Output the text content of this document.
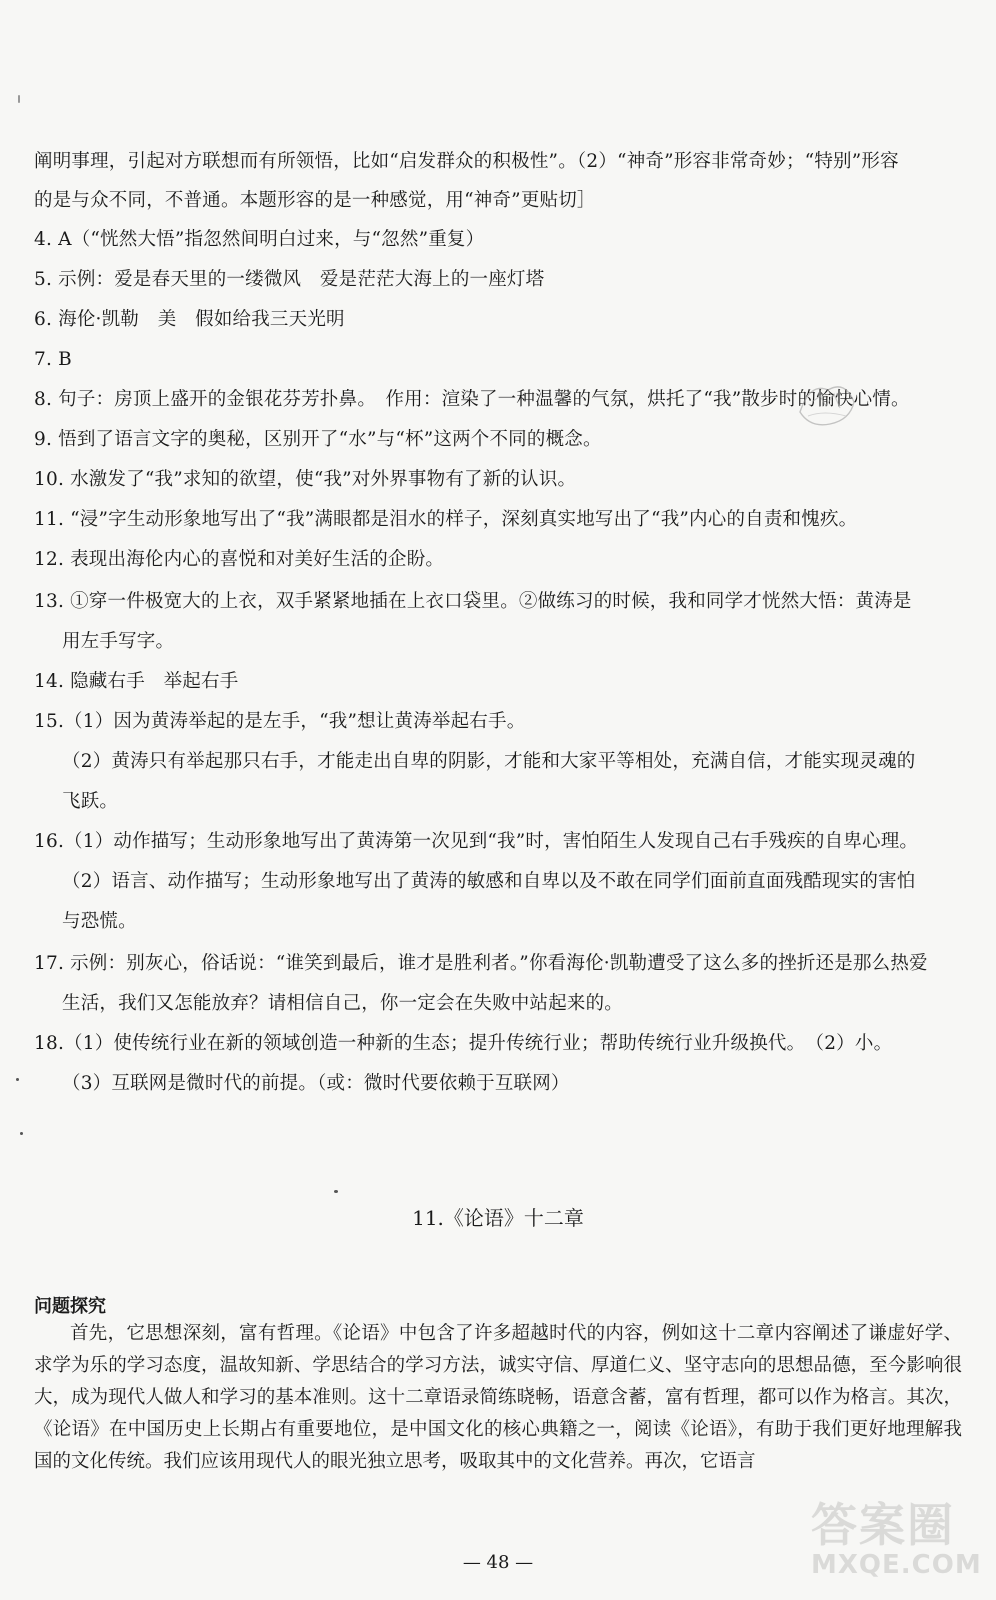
阐明事理，引起对方联想而有所领悟，比如“启发群众的积极性”。（2）“神奇”形容非常奇妙；“特别”形容
的是与众不同，不普通。本题形容的是一种感觉，用“神奇”更贴切］
4. A（“恍然大悟”指忽然间明白过来，与“忽然”重复）
5. 示例：爱是春天里的一缕微风　爱是茫茫大海上的一座灯塔
6. 海伦·凯勒　美　假如给我三天光明
7. B
8. 句子：房顶上盛开的金银花芬芳扑鼻。　作用：渲染了一种温馨的气氛，烘托了“我”散步时的愉快心情。
9. 悟到了语言文字的奥秘，区别开了“水”与“杯”这两个不同的概念。
10. 水激发了“我”求知的欲望，使“我”对外界事物有了新的认识。
11. “浸”字生动形象地写出了“我”满眼都是泪水的样子，深刻真实地写出了“我”内心的自责和愧疚。
12. 表现出海伦内心的喜悦和对美好生活的企盼。
13. ①穿一件极宽大的上衣，双手紧紧地插在上衣口袋里。②做练习的时候，我和同学才恍然大悟：黄涛是
用左手写字。
14. 隐藏右手　举起右手
15.（1）因为黄涛举起的是左手，“我”想让黄涛举起右手。
（2）黄涛只有举起那只右手，才能走出自卑的阴影，才能和大家平等相处，充满自信，才能实现灵魂的
飞跃。
16.（1）动作描写；生动形象地写出了黄涛第一次见到“我”时，害怕陌生人发现自己右手残疾的自卑心理。
（2）语言、动作描写；生动形象地写出了黄涛的敏感和自卑以及不敢在同学们面前直面残酷现实的害怕
与恐慌。
17. 示例：别灰心，俗话说：“谁笑到最后，谁才是胜利者。”你看海伦·凯勒遭受了这么多的挫折还是那么热爱
生活，我们又怎能放弃？请相信自己，你一定会在失败中站起来的。
18.（1）使传统行业在新的领域创造一种新的生态；提升传统行业；帮助传统行业升级换代。　（2）小。
（3）互联网是微时代的前提。（或：微时代要依赖于互联网）
11.《论语》十二章
问题探究
首先，它思想深刻，富有哲理。《论语》中包含了许多超越时代的内容，例如这十二章内容阐述了谦虚好学、求学为乐的学习态度，温故知新、学思结合的学习方法，诚实守信、厚道仁义、坚守志向的思想品德，至今影响很大，成为现代人做人和学习的基本准则。这十二章语录简练晓畅，语意含蓄，富有哲理，都可以作为格言。其次，《论语》在中国历史上长期占有重要地位，是中国文化的核心典籍之一，阅读《论语》，有助于我们更好地理解我国的文化传统。我们应该用现代人的眼光独立思考，吸取其中的文化营养。再次，它语言
— 48 —
答案圈
MXQE.COM
